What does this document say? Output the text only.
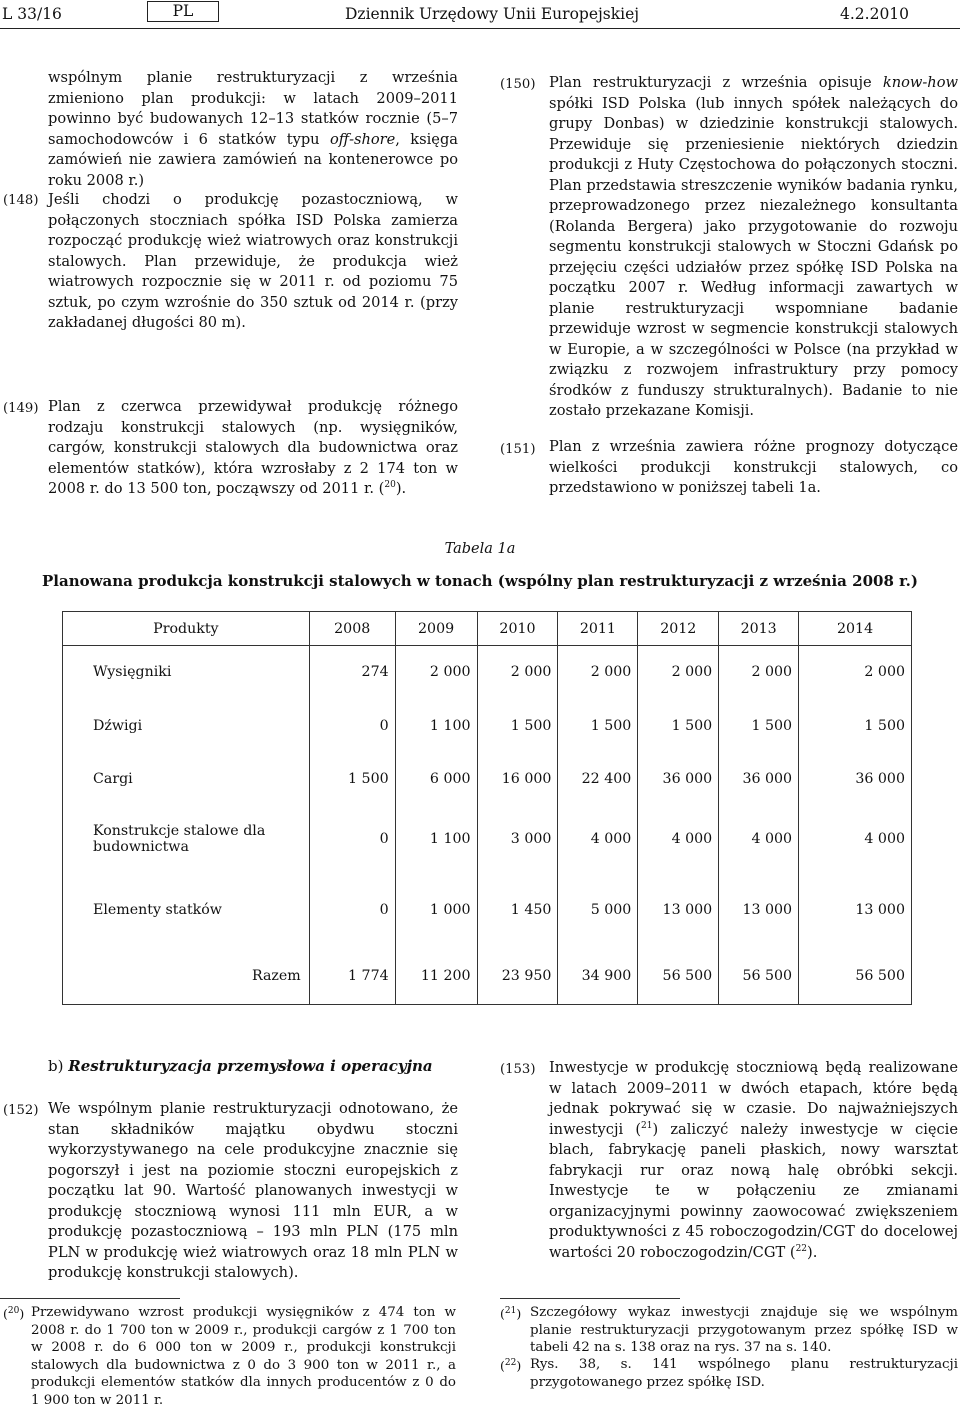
L 33/16	PL	Dziennik Urzędowy Unii Europejskiej	4.2.2010
wspólnym planie restrukturyzacji z września zmieniono plan produkcji: w latach 2009–2011 powinno być budowanych 12–13 statków rocznie (5–7 samochodowców i 6 statków typu off-shore, księga zamówień nie zawiera zamówień na kontenerowce po roku 2008 r.)
(148) Jeśli chodzi o produkcję pozastoczniową, w połączonych stoczniach spółka ISD Polska zamierza rozpocząć produkcję wież wiatrowych oraz konstrukcji stalowych. Plan przewiduje, że produkcja wież wiatrowych rozpocznie się w 2011 r. od poziomu 75 sztuk, po czym wzrośnie do 350 sztuk od 2014 r. (przy zakładanej długości 80 m).
(149) Plan z czerwca przewidywał produkcję różnego rodzaju konstrukcji stalowych (np. wysięgników, cargów, konstrukcji stalowych dla budownictwa oraz elementów statków), która wzrosłaby z 2 174 ton w 2008 r. do 13 500 ton, począwszy od 2011 r. ($^{20}$).
(150) Plan restrukturyzacji z września opisuje know-how spółki ISD Polska (lub innych spółek należących do grupy Donbas) w dziedzinie konstrukcji stalowych. Przewiduje się przeniesienie niektórych dziedzin produkcji z Huty Częstochowa do połączonych stoczni. Plan przedstawia streszczenie wyników badania rynku, przeprowadzonego przez niezależnego konsultanta (Rolanda Bergera) jako przygotowanie do rozwoju segmentu konstrukcji stalowych w Stoczni Gdańsk po przejęciu części udziałów przez spółkę ISD Polska na początku 2007 r. Według informacji zawartych w planie restrukturyzacji wspomniane badanie przewiduje wzrost w segmencie konstrukcji stalowych w Europie, a w szczególności w Polsce (na przykład w związku z rozwojem infrastruktury przy pomocy środków z funduszy strukturalnych). Badanie to nie zostało przekazane Komisji.
(151) Plan z września zawiera różne prognozy dotyczące wielkości produkcji konstrukcji stalowych, co przedstawiono w poniższej tabeli 1a.
Tabela 1a
Planowana produkcja konstrukcji stalowych w tonach (wspólny plan restrukturyzacji z września 2008 r.)
Produkty	2008	2009	2010	2011	2012	2013	2014
Wysięgniki	274	2 000	2 000	2 000	2 000	2 000	2 000
Dźwigi	0	1 100	1 500	1 500	1 500	1 500	1 500
Cargi	1 500	6 000	16 000	22 400	36 000	36 000	36 000
Konstrukcje stalowe dla budownictwa	0	1 100	3 000	4 000	4 000	4 000	4 000
Elementy statków	0	1 000	1 450	5 000	13 000	13 000	13 000
Razem	1 774	11 200	23 950	34 900	56 500	56 500	56 500
b) Restrukturyzacja przemysłowa i operacyjna
(152) We wspólnym planie restrukturyzacji odnotowano, że stan składników majątku obydwu stoczni wykorzystywanego na cele produkcyjne znacznie się pogorszył i jest na poziomie stoczni europejskich z początku lat 90. Wartość planowanych inwestycji w produkcję stoczniową wynosi 111 mln EUR, a w produkcję pozastoczniową – 193 mln PLN (175 mln PLN w produkcję wież wiatrowych oraz 18 mln PLN w produkcję konstrukcji stalowych).
(153) Inwestycje w produkcję stoczniową będą realizowane w latach 2009–2011 w dwóch etapach, które będą jednak pokrywać się w czasie. Do najważniejszych inwestycji ($^{21}$) zaliczyć należy inwestycje w cięcie blach, fabrykację paneli płaskich, nowy warsztat fabrykacji rur oraz nową halę obróbki sekcji. Inwestycje te w połączeniu ze zmianami organizacyjnymi powinny zaowocować zwiększeniem produktywności z 45 roboczogodzin/CGT do docelowej wartości 20 roboczogodzin/CGT ($^{22}$).
($^{20}$) Przewidywano wzrost produkcji wysięgników z 474 ton w 2008 r. do 1 700 ton w 2009 r., produkcji cargów z 1 700 ton w 2008 r. do 6 000 ton w 2009 r., produkcji konstrukcji stalowych dla budownictwa z 0 do 3 900 ton w 2011 r., a produkcji elementów statków dla innych producentów z 0 do 1 900 ton w 2011 r.
($^{21}$) Szczegółowy wykaz inwestycji znajduje się we wspólnym planie restrukturyzacji przygotowanym przez spółkę ISD w tabeli 42 na s. 138 oraz na rys. 37 na s. 140.
($^{22}$) Rys. 38, s. 141 wspólnego planu restrukturyzacji przygotowanego przez spółkę ISD.
